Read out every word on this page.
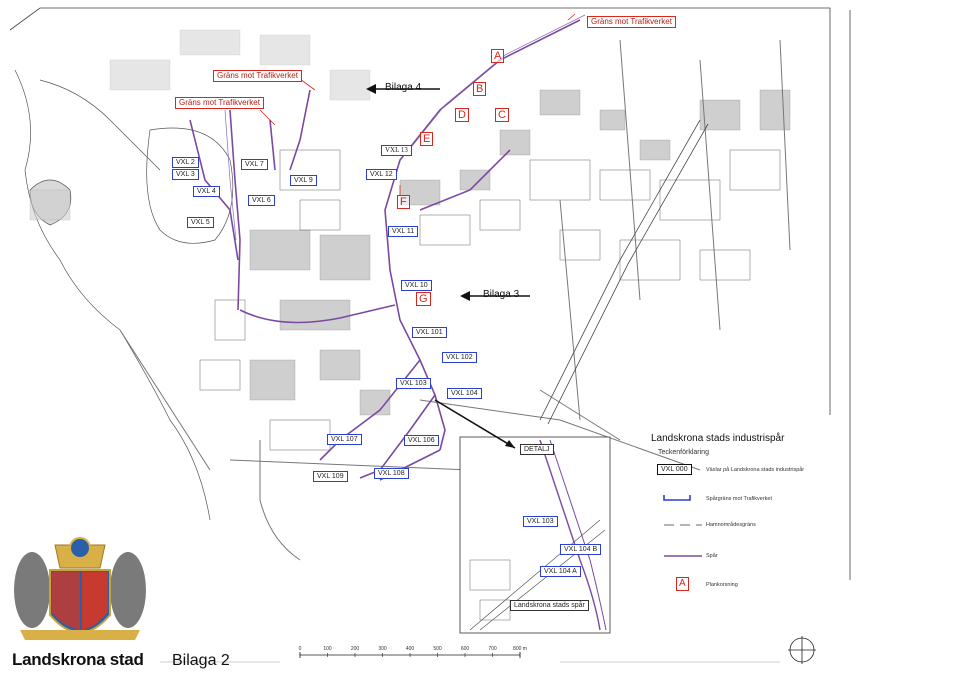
0	100	200	300	400	500	600	700	800 m
Gräns mot Trafikverket
Gräns mot Trafikverket
Gräns mot Trafikverket
Bilaga 4
Bilaga 3
A
B
C
D
E
F
G
VXL 2
VXL 3
VXL 4
VXL 5
VXL 6
VXL 7
VXL 9
VXL 12
VXL 13
VXL 11
VXL 10
VXL 101
VXL 102
VXL 103
VXL 104
VXL 106
VXL 107
VXL 108
VXL 109
DETALJ
VXL 103
VXL 104 B
VXL 104 A
Landskrona stads spår
Landskrona stads industrispår
Teckenförklaring
VXL 000	Växlar på Landskrona stads industrispår
Spårgräns mot Trafikverket
Hamnområdesgräns
Spår
A	Plankorsning
Landskrona stad Bilaga 2
